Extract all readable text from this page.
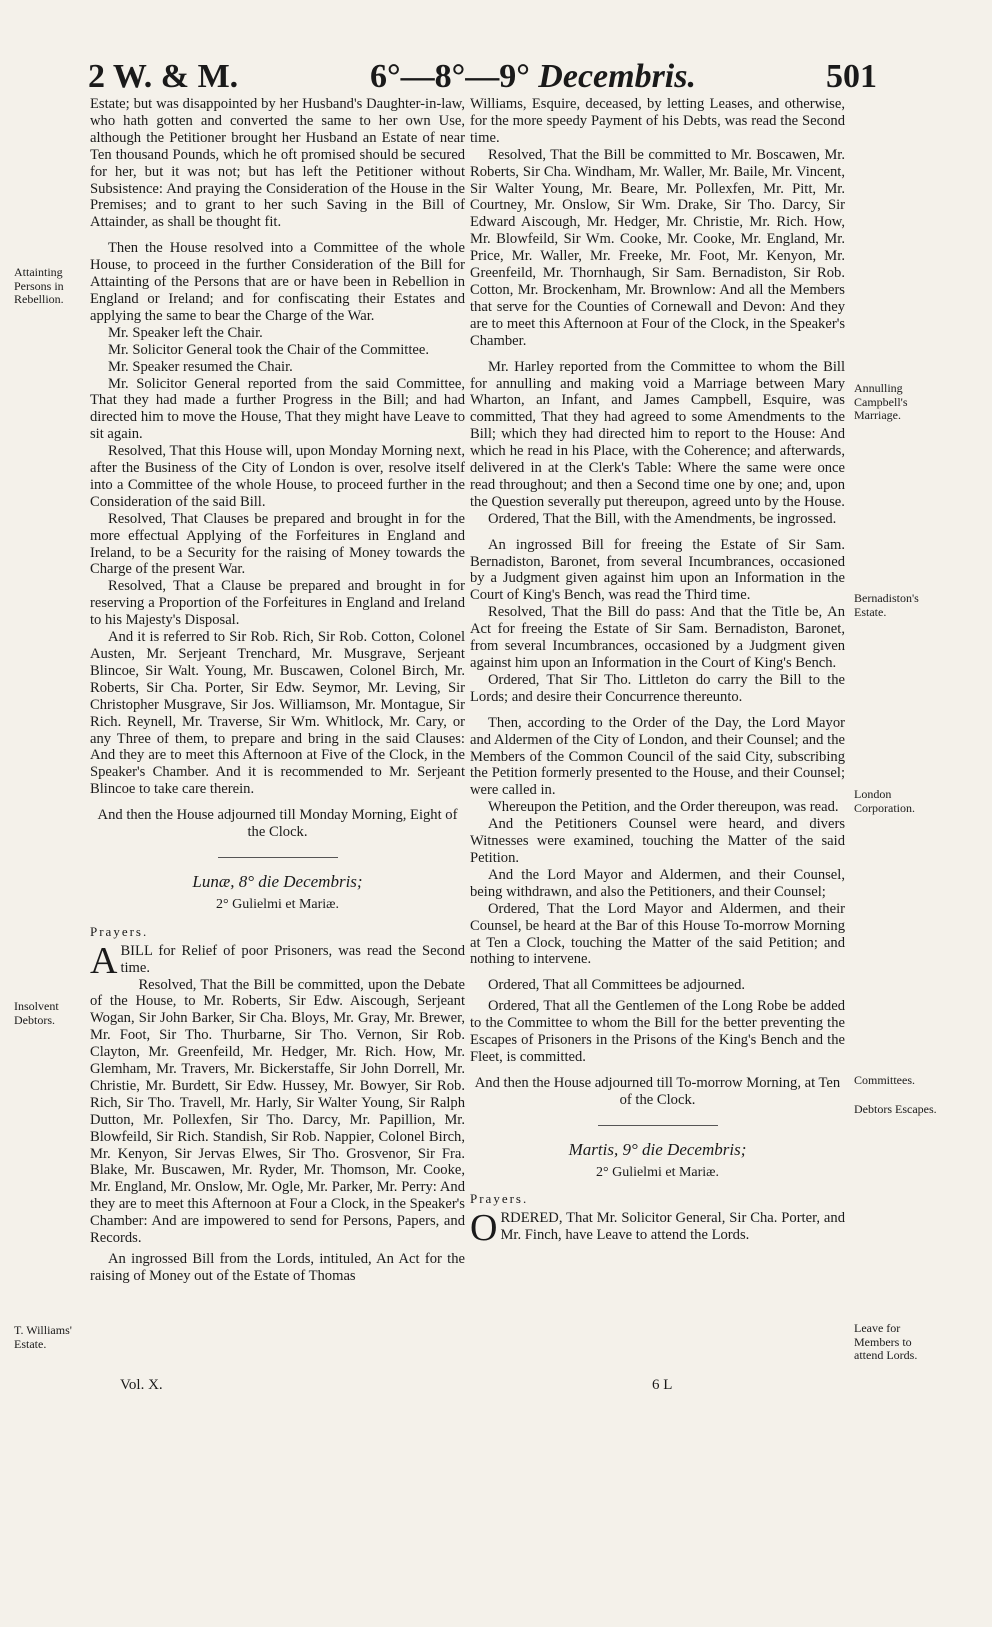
2 W. & M.	6°—8°—9° Decembris.	501

Estate; but was disappointed by her Husband's Daughter-in-law, who hath gotten and converted the same to her own Use, although the Petitioner brought her Husband an Estate of near Ten thousand Pounds, which he oft promised should be secured for her, but it was not; but has left the Petitioner without Subsistence: And praying the Consideration of the House in the Premises; and to grant to her such Saving in the Bill of Attainder, as shall be thought fit.

Then the House resolved into a Committee of the whole House, to proceed in the further Consideration of the Bill for Attainting of the Persons that are or have been in Rebellion in England or Ireland; and for confiscating their Estates and applying the same to bear the Charge of the War.

Mr. Speaker left the Chair.

Mr. Solicitor General took the Chair of the Committee.

Mr. Speaker resumed the Chair.

Mr. Solicitor General reported from the said Committee, That they had made a further Progress in the Bill; and had directed him to move the House, That they might have Leave to sit again.

Resolved, That this House will, upon Monday Morning next, after the Business of the City of London is over, resolve itself into a Committee of the whole House, to proceed further in the Consideration of the said Bill.

Resolved, That Clauses be prepared and brought in for the more effectual Applying of the Forfeitures in England and Ireland, to be a Security for the raising of Money towards the Charge of the present War.

Resolved, That a Clause be prepared and brought in for reserving a Proportion of the Forfeitures in England and Ireland to his Majesty's Disposal.

And it is referred to Sir Rob. Rich, Sir Rob. Cotton, Colonel Austen, Mr. Serjeant Trenchard, Mr. Musgrave, Serjeant Blincoe, Sir Walt. Young, Mr. Buscawen, Colonel Birch, Mr. Roberts, Sir Cha. Porter, Sir Edw. Seymor, Mr. Leving, Sir Christopher Musgrave, Sir Jos. Williamson, Mr. Montague, Sir Rich. Reynell, Mr. Traverse, Sir Wm. Whitlock, Mr. Cary, or any Three of them, to prepare and bring in the said Clauses: And they are to meet this Afternoon at Five of the Clock, in the Speaker's Chamber. And it is recommended to Mr. Serjeant Blincoe to take care therein.

And then the House adjourned till Monday Morning, Eight of the Clock.

Lunæ, 8° die Decembris;
2° Gulielmi et Mariæ.
Prayers.

ABILL for Relief of poor Prisoners, was read the Second time.

Resolved, That the Bill be committed, upon the Debate of the House, to Mr. Roberts, Sir Edw. Aiscough, Serjeant Wogan, Sir John Barker, Sir Cha. Bloys, Mr. Gray, Mr. Brewer, Mr. Foot, Sir Tho. Thurbarne, Sir Tho. Vernon, Sir Rob. Clayton, Mr. Greenfeild, Mr. Hedger, Mr. Rich. How, Mr. Glemham, Mr. Travers, Mr. Bickerstaffe, Sir John Dorrell, Mr. Christie, Mr. Burdett, Sir Edw. Hussey, Mr. Bowyer, Sir Rob. Rich, Sir Tho. Travell, Mr. Harly, Sir Walter Young, Sir Ralph Dutton, Mr. Pollexfen, Sir Tho. Darcy, Mr. Papillion, Mr. Blowfeild, Sir Rich. Standish, Sir Rob. Nappier, Colonel Birch, Mr. Kenyon, Sir Jervas Elwes, Sir Tho. Grosvenor, Sir Fra. Blake, Mr. Buscawen, Mr. Ryder, Mr. Thomson, Mr. Cooke, Mr. England, Mr. Onslow, Mr. Ogle, Mr. Parker, Mr. Perry: And they are to meet this Afternoon at Four a Clock, in the Speaker's Chamber: And are impowered to send for Persons, Papers, and Records.

An ingrossed Bill from the Lords, intituled, An Act for the raising of Money out of the Estate of Thomas

Williams, Esquire, deceased, by letting Leases, and otherwise, for the more speedy Payment of his Debts, was read the Second time.

Resolved, That the Bill be committed to Mr. Boscawen, Mr. Roberts, Sir Cha. Windham, Mr. Waller, Mr. Baile, Mr. Vincent, Sir Walter Young, Mr. Beare, Mr. Pollexfen, Mr. Pitt, Mr. Courtney, Mr. Onslow, Sir Wm. Drake, Sir Tho. Darcy, Sir Edward Aiscough, Mr. Hedger, Mr. Christie, Mr. Rich. How, Mr. Blowfeild, Sir Wm. Cooke, Mr. Cooke, Mr. England, Mr. Price, Mr. Waller, Mr. Freeke, Mr. Foot, Mr. Kenyon, Mr. Greenfeild, Mr. Thornhaugh, Sir Sam. Bernadiston, Sir Rob. Cotton, Mr. Brockenham, Mr. Brownlow: And all the Members that serve for the Counties of Cornewall and Devon: And they are to meet this Afternoon at Four of the Clock, in the Speaker's Chamber.

Mr. Harley reported from the Committee to whom the Bill for annulling and making void a Marriage between Mary Wharton, an Infant, and James Campbell, Esquire, was committed, That they had agreed to some Amendments to the Bill; which they had directed him to report to the House: And which he read in his Place, with the Coherence; and afterwards, delivered in at the Clerk's Table: Where the same were once read throughout; and then a Second time one by one; and, upon the Question severally put thereupon, agreed unto by the House.

Ordered, That the Bill, with the Amendments, be ingrossed.

An ingrossed Bill for freeing the Estate of Sir Sam. Bernadiston, Baronet, from several Incumbrances, occasioned by a Judgment given against him upon an Information in the Court of King's Bench, was read the Third time.

Resolved, That the Bill do pass: And that the Title be, An Act for freeing the Estate of Sir Sam. Bernadiston, Baronet, from several Incumbrances, occasioned by a Judgment given against him upon an Information in the Court of King's Bench.

Ordered, That Sir Tho. Littleton do carry the Bill to the Lords; and desire their Concurrence thereunto.

Then, according to the Order of the Day, the Lord Mayor and Aldermen of the City of London, and their Counsel; and the Members of the Common Council of the said City, subscribing the Petition formerly presented to the House, and their Counsel; were called in.

Whereupon the Petition, and the Order thereupon, was read.

And the Petitioners Counsel were heard, and divers Witnesses were examined, touching the Matter of the said Petition.

And the Lord Mayor and Aldermen, and their Counsel, being withdrawn, and also the Petitioners, and their Counsel;

Ordered, That the Lord Mayor and Aldermen, and their Counsel, be heard at the Bar of this House To-morrow Morning at Ten a Clock, touching the Matter of the said Petition; and nothing to intervene.

Ordered, That all Committees be adjourned.

Ordered, That all the Gentlemen of the Long Robe be added to the Committee to whom the Bill for the better preventing the Escapes of Prisoners in the Prisons of the King's Bench and the Fleet, is committed.

And then the House adjourned till To-morrow Morning, at Ten of the Clock.

Martis, 9° die Decembris;
2° Gulielmi et Mariæ.
Prayers.

ORDERED, That Mr. Solicitor General, Sir Cha. Porter, and Mr. Finch, have Leave to attend the Lords.

Attainting Persons in Rebellion.
Insolvent Debtors.
T. Williams' Estate.
Annulling Campbell's Marriage.
Bernadiston's Estate.
London Corporation.
Committees.
Debtors Escapes.
Leave for Members to attend Lords.
Vol. X.	6 L
